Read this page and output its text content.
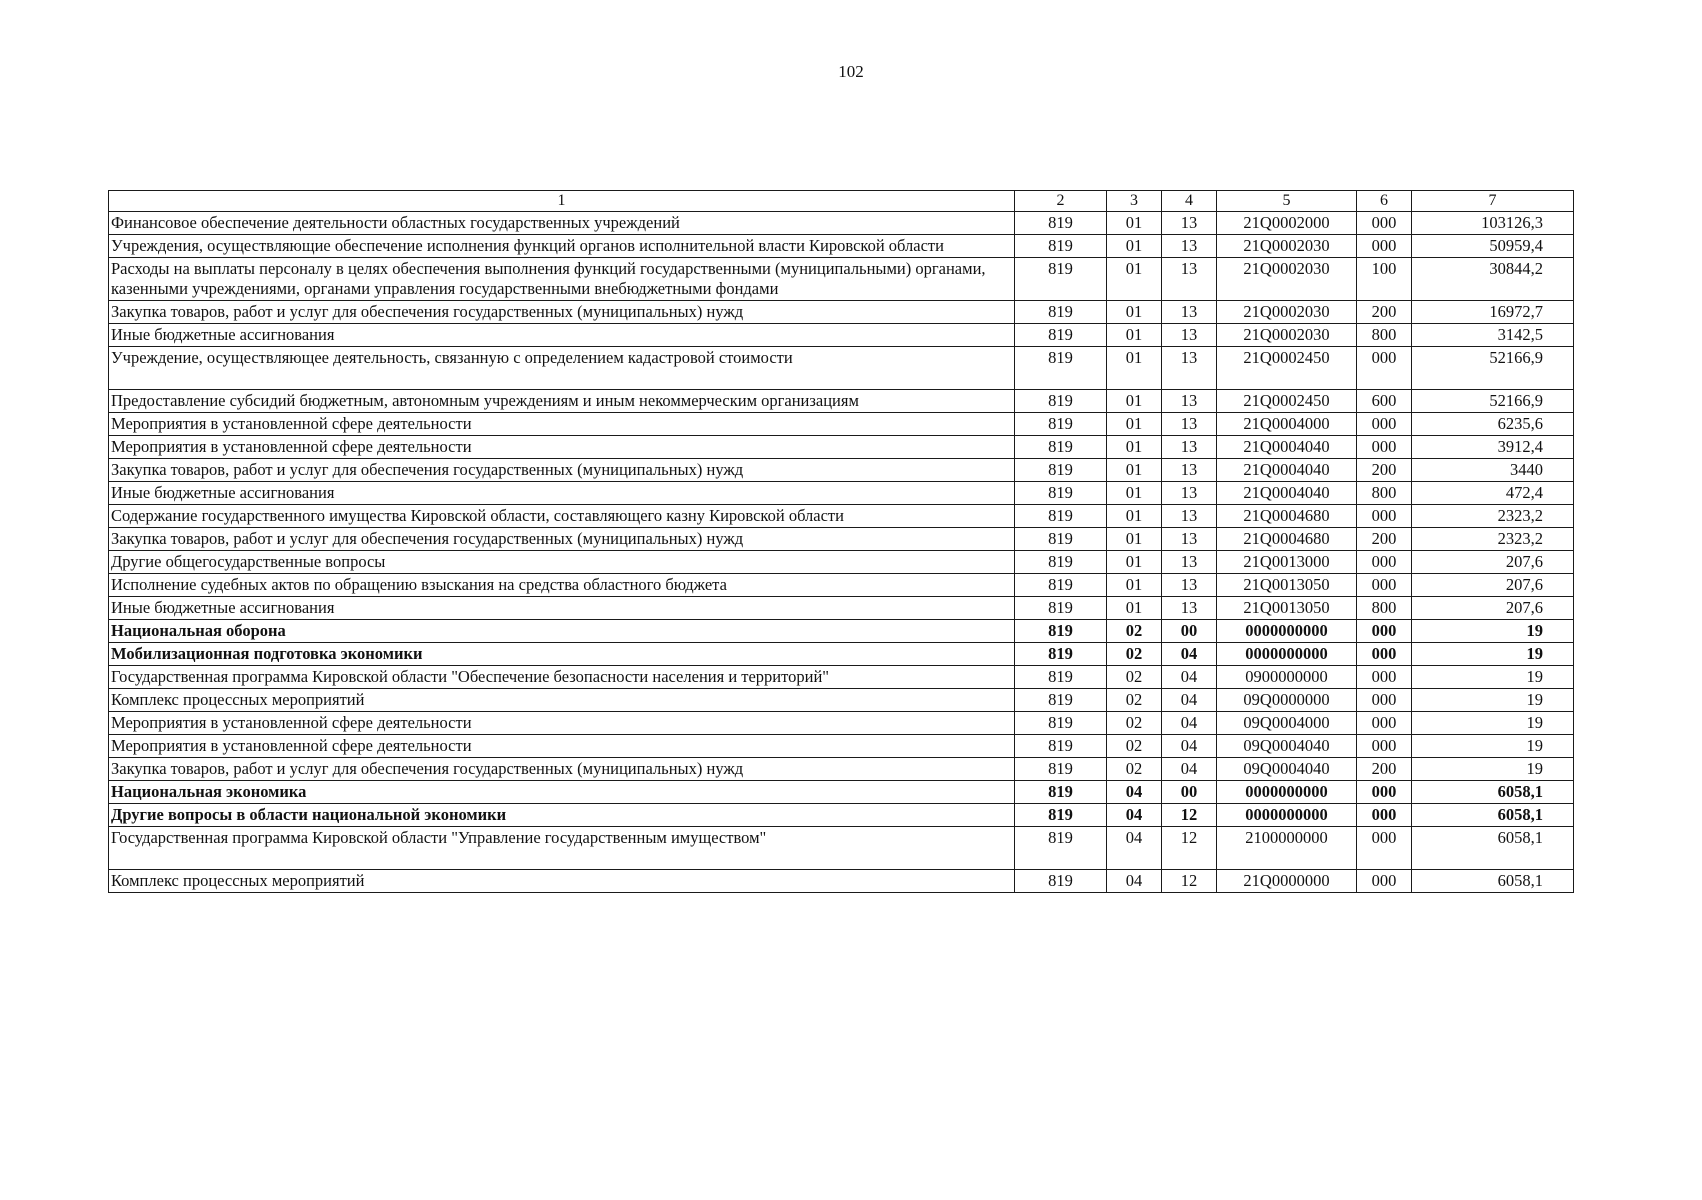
102
1	2	3	4	5	6	7
Финансовое обеспечение деятельности областных государственных учреждений	819	01	13	21Q0002000	000	103126,3
Учреждения, осуществляющие обеспечение исполнения функций органов исполнительной власти Кировской области	819	01	13	21Q0002030	000	50959,4
Расходы на выплаты персоналу в целях обеспечения выполнения функций государственными (муниципальными) органами, казенными учреждениями, органами управления государственными внебюджетными фондами	819	01	13	21Q0002030	100	30844,2
Закупка товаров, работ и услуг для обеспечения государственных (муниципальных) нужд	819	01	13	21Q0002030	200	16972,7
Иные бюджетные ассигнования	819	01	13	21Q0002030	800	3142,5
Учреждение, осуществляющее деятельность, связанную с определением кадастровой стоимости	819	01	13	21Q0002450	000	52166,9
Предоставление субсидий бюджетным, автономным учреждениям и иным некоммерческим организациям	819	01	13	21Q0002450	600	52166,9
Мероприятия в установленной сфере деятельности	819	01	13	21Q0004000	000	6235,6
Мероприятия в установленной сфере деятельности	819	01	13	21Q0004040	000	3912,4
Закупка товаров, работ и услуг для обеспечения государственных (муниципальных) нужд	819	01	13	21Q0004040	200	3440
Иные бюджетные ассигнования	819	01	13	21Q0004040	800	472,4
Содержание государственного имущества Кировской области, составляющего казну Кировской области	819	01	13	21Q0004680	000	2323,2
Закупка товаров, работ и услуг для обеспечения государственных (муниципальных) нужд	819	01	13	21Q0004680	200	2323,2
Другие общегосударственные вопросы	819	01	13	21Q0013000	000	207,6
Исполнение судебных актов по обращению взыскания на средства областного бюджета	819	01	13	21Q0013050	000	207,6
Иные бюджетные ассигнования	819	01	13	21Q0013050	800	207,6
Национальная оборона	819	02	00	0000000000	000	19
Мобилизационная подготовка экономики	819	02	04	0000000000	000	19
Государственная программа Кировской области "Обеспечение безопасности населения и территорий"	819	02	04	0900000000	000	19
Комплекс процессных мероприятий	819	02	04	09Q0000000	000	19
Мероприятия в установленной сфере деятельности	819	02	04	09Q0004000	000	19
Мероприятия в установленной сфере деятельности	819	02	04	09Q0004040	000	19
Закупка товаров, работ и услуг для обеспечения государственных (муниципальных) нужд	819	02	04	09Q0004040	200	19
Национальная экономика	819	04	00	0000000000	000	6058,1
Другие вопросы в области национальной экономики	819	04	12	0000000000	000	6058,1
Государственная программа Кировской области "Управление государственным имуществом"	819	04	12	2100000000	000	6058,1
Комплекс процессных мероприятий	819	04	12	21Q0000000	000	6058,1
